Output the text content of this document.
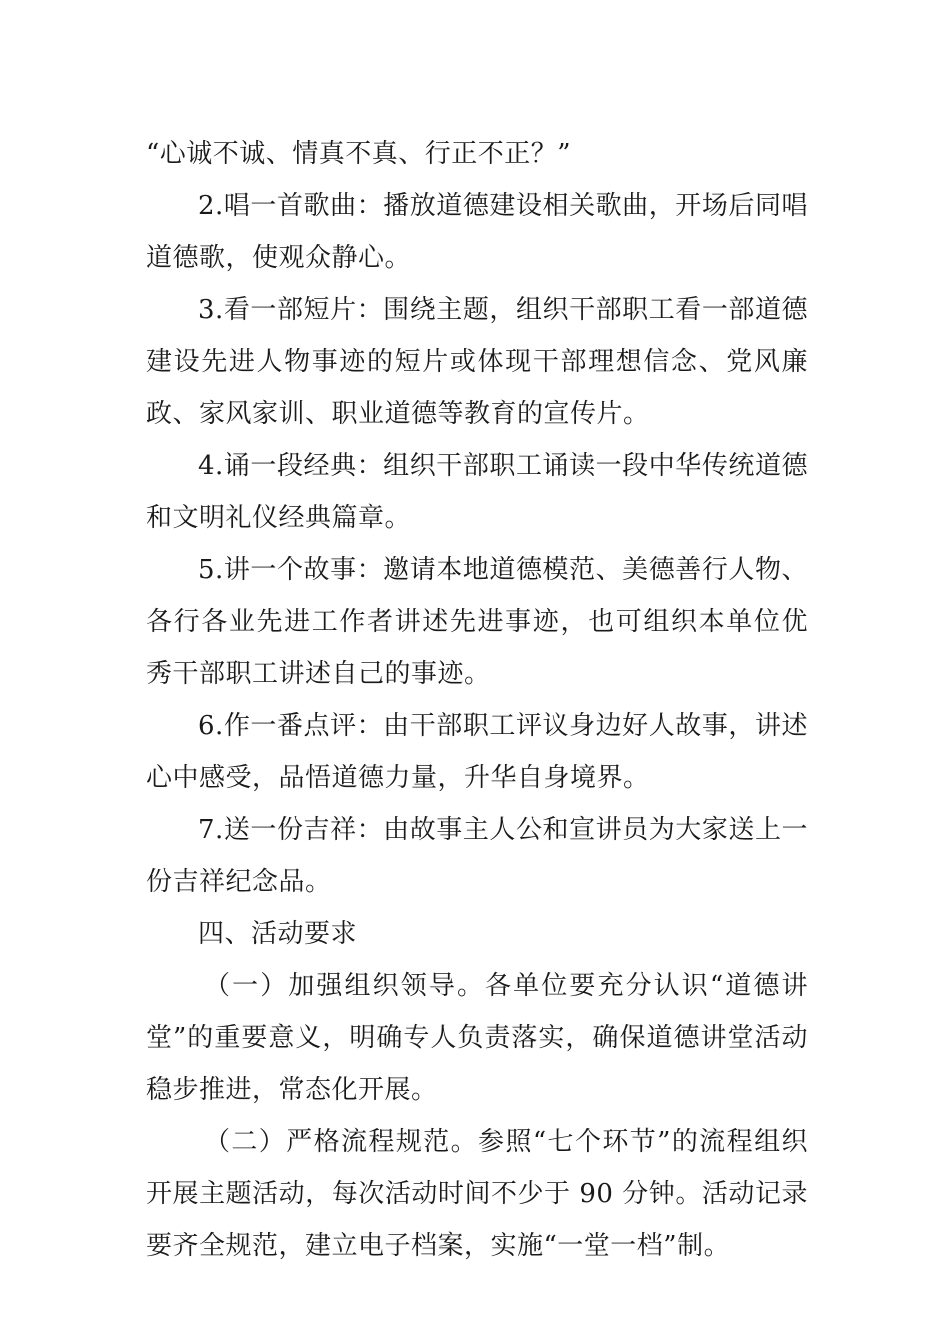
“心诚不诚、情真不真、行正不正？”

2.唱一首歌曲：播放道德建设相关歌曲，开场后同唱道德歌，使观众静心。

3.看一部短片：围绕主题，组织干部职工看一部道德建设先进人物事迹的短片或体现干部理想信念、党风廉政、家风家训、职业道德等教育的宣传片。

4.诵一段经典：组织干部职工诵读一段中华传统道德和文明礼仪经典篇章。

5.讲一个故事：邀请本地道德模范、美德善行人物、各行各业先进工作者讲述先进事迹，也可组织本单位优秀干部职工讲述自己的事迹。

6.作一番点评：由干部职工评议身边好人故事，讲述心中感受，品悟道德力量，升华自身境界。

7.送一份吉祥：由故事主人公和宣讲员为大家送上一份吉祥纪念品。

四、活动要求

（一）加强组织领导。各单位要充分认识“道德讲堂”的重要意义，明确专人负责落实，确保道德讲堂活动稳步推进，常态化开展。

（二）严格流程规范。参照“七个环节”的流程组织开展主题活动，每次活动时间不少于 90 分钟。活动记录要齐全规范，建立电子档案，实施“一堂一档”制。
